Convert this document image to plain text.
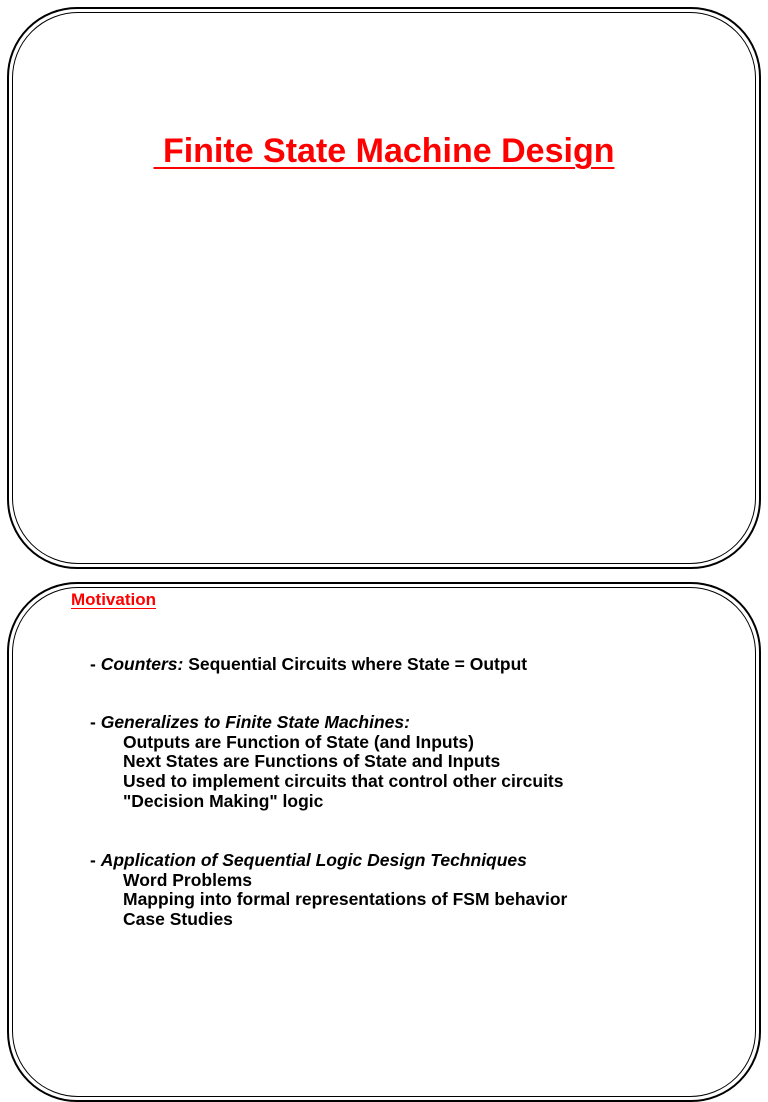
Finite State Machine Design
Motivation
- Counters: Sequential Circuits where State = Output
- Generalizes to Finite State Machines:
Outputs are Function of State (and Inputs)
Next States are Functions of State and Inputs
Used to implement circuits that control other circuits
"Decision Making" logic
- Application of Sequential Logic Design Techniques
Word Problems
Mapping into formal representations of FSM behavior
Case Studies
